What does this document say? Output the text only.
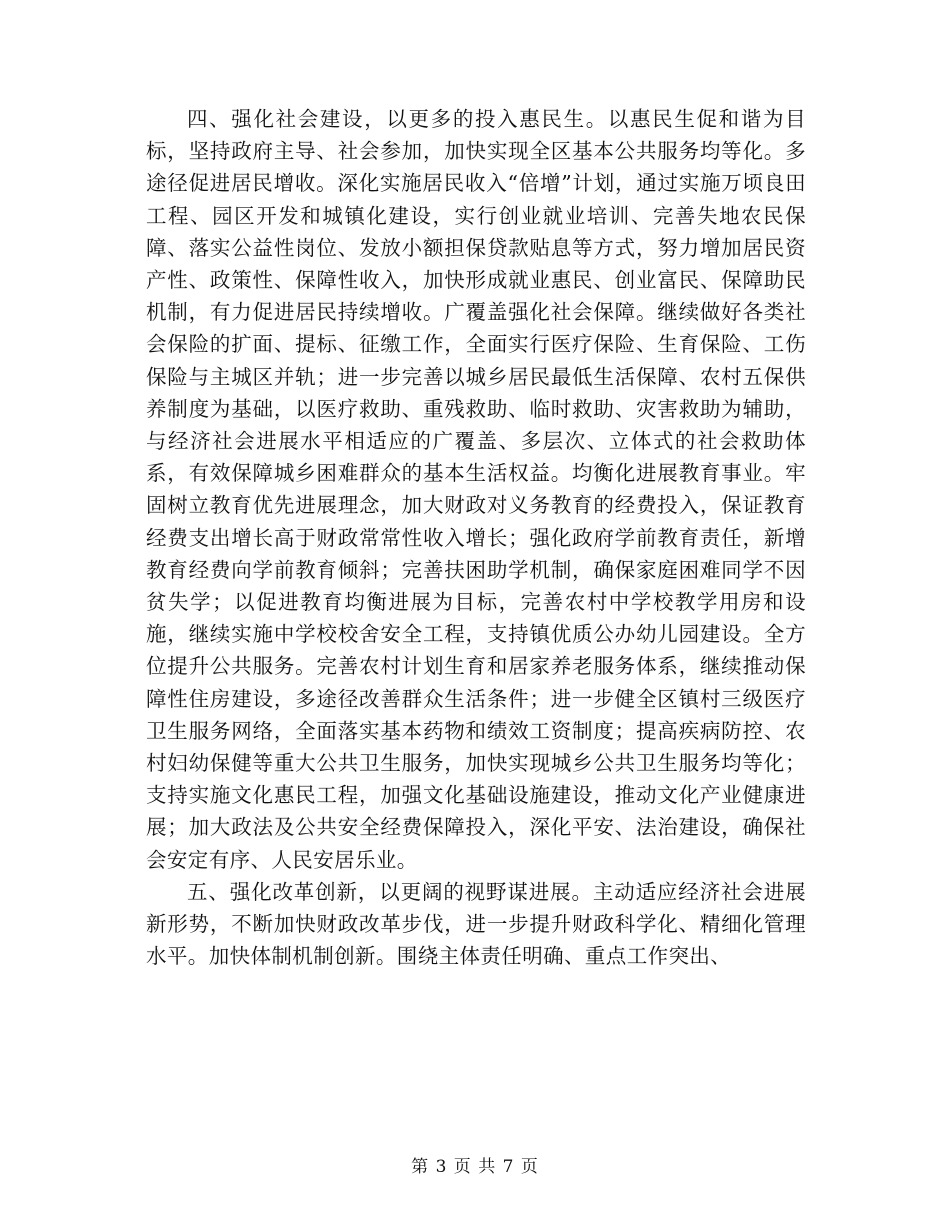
四、强化社会建设，以更多的投入惠民生。以惠民生促和谐为目标，坚持政府主导、社会参加，加快实现全区基本公共服务均等化。多途径促进居民增收。深化实施居民收入“倍增”计划，通过实施万顷良田工程、园区开发和城镇化建设，实行创业就业培训、完善失地农民保障、落实公益性岗位、发放小额担保贷款贴息等方式，努力增加居民资产性、政策性、保障性收入，加快形成就业惠民、创业富民、保障助民机制，有力促进居民持续增收。广覆盖强化社会保障。继续做好各类社会保险的扩面、提标、征缴工作，全面实行医疗保险、生育保险、工伤保险与主城区并轨；进一步完善以城乡居民最低生活保障、农村五保供养制度为基础，以医疗救助、重残救助、临时救助、灾害救助为辅助，与经济社会进展水平相适应的广覆盖、多层次、立体式的社会救助体系，有效保障城乡困难群众的基本生活权益。均衡化进展教育事业。牢固树立教育优先进展理念，加大财政对义务教育的经费投入，保证教育经费支出增长高于财政常常性收入增长；强化政府学前教育责任，新增教育经费向学前教育倾斜；完善扶困助学机制，确保家庭困难同学不因贫失学；以促进教育均衡进展为目标，完善农村中学校教学用房和设施，继续实施中学校校舍安全工程，支持镇优质公办幼儿园建设。全方位提升公共服务。完善农村计划生育和居家养老服务体系，继续推动保障性住房建设，多途径改善群众生活条件；进一步健全区镇村三级医疗卫生服务网络，全面落实基本药物和绩效工资制度；提高疾病防控、农村妇幼保健等重大公共卫生服务，加快实现城乡公共卫生服务均等化；支持实施文化惠民工程，加强文化基础设施建设，推动文化产业健康进展；加大政法及公共安全经费保障投入，深化平安、法治建设，确保社会安定有序、人民安居乐业。

五、强化改革创新，以更阔的视野谋进展。主动适应经济社会进展新形势，不断加快财政改革步伐，进一步提升财政科学化、精细化管理水平。加快体制机制创新。围绕主体责任明确、重点工作突出、

第 3 页 共 7 页
